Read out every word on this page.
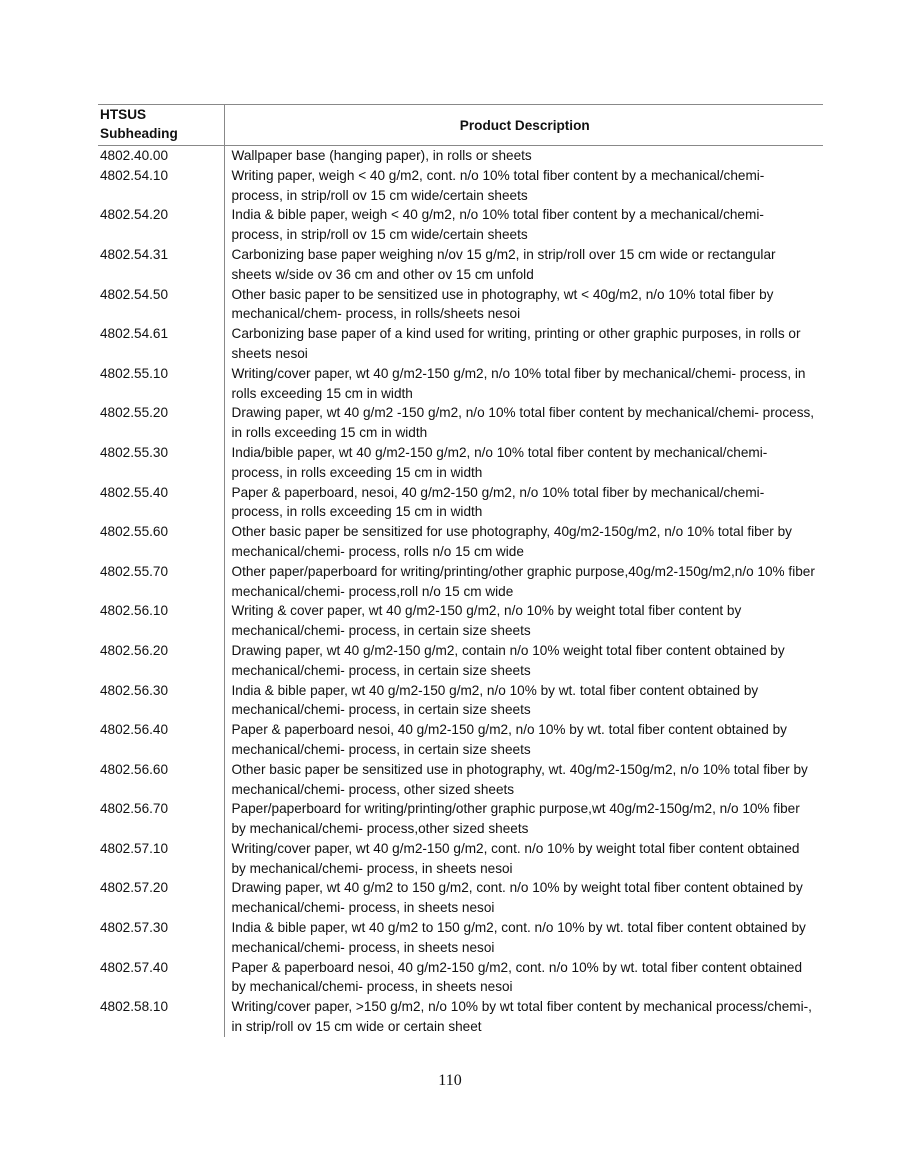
HTSUS Subheading	Product Description
4802.40.00	Wallpaper base (hanging paper), in rolls or sheets
4802.54.10	Writing paper, weigh < 40 g/m2, cont. n/o 10% total fiber content by a mechanical/chemi- process, in strip/roll ov 15 cm wide/certain sheets
4802.54.20	India & bible paper, weigh < 40 g/m2, n/o 10% total fiber content by a mechanical/chemi- process, in strip/roll ov 15 cm wide/certain sheets
4802.54.31	Carbonizing base paper weighing n/ov 15 g/m2, in strip/roll over 15 cm wide or rectangular sheets w/side ov 36 cm and other ov 15 cm unfold
4802.54.50	Other basic paper to be sensitized use in photography, wt < 40g/m2, n/o 10% total fiber by mechanical/chem- process, in rolls/sheets nesoi
4802.54.61	Carbonizing base paper of a kind used for writing, printing or other graphic purposes, in rolls or sheets nesoi
4802.55.10	Writing/cover paper, wt 40 g/m2-150 g/m2, n/o 10% total fiber by mechanical/chemi- process, in rolls exceeding 15 cm in width
4802.55.20	Drawing paper, wt 40 g/m2 -150 g/m2, n/o 10% total fiber content by mechanical/chemi- process, in rolls exceeding 15 cm in width
4802.55.30	India/bible paper, wt 40 g/m2-150 g/m2, n/o 10% total fiber content by mechanical/chemi- process, in rolls exceeding 15 cm in width
4802.55.40	Paper & paperboard, nesoi, 40 g/m2-150 g/m2, n/o 10% total fiber by mechanical/chemi- process, in rolls exceeding 15 cm in width
4802.55.60	Other basic paper be sensitized for use photography, 40g/m2-150g/m2, n/o 10% total fiber by mechanical/chemi- process, rolls n/o 15 cm wide
4802.55.70	Other paper/paperboard for writing/printing/other graphic purpose,40g/m2-150g/m2,n/o 10% fiber mechanical/chemi- process,roll n/o 15 cm wide
4802.56.10	Writing & cover paper, wt 40 g/m2-150 g/m2, n/o 10% by weight total fiber content by mechanical/chemi- process, in certain size sheets
4802.56.20	Drawing paper, wt 40 g/m2-150 g/m2, contain n/o 10% weight total fiber content obtained by mechanical/chemi- process, in certain size sheets
4802.56.30	India & bible paper, wt 40 g/m2-150 g/m2, n/o 10% by wt. total fiber content obtained by mechanical/chemi- process, in certain size sheets
4802.56.40	Paper & paperboard nesoi, 40 g/m2-150 g/m2, n/o 10% by wt. total fiber content obtained by mechanical/chemi- process, in certain size sheets
4802.56.60	Other basic paper be sensitized use in photography, wt. 40g/m2-150g/m2, n/o 10% total fiber by mechanical/chemi- process, other sized sheets
4802.56.70	Paper/paperboard for writing/printing/other graphic purpose,wt 40g/m2-150g/m2, n/o 10% fiber by mechanical/chemi- process,other sized sheets
4802.57.10	Writing/cover paper, wt 40 g/m2-150 g/m2, cont. n/o 10% by weight total fiber content obtained by mechanical/chemi- process, in sheets nesoi
4802.57.20	Drawing paper, wt 40 g/m2 to 150 g/m2, cont. n/o 10% by weight total fiber content obtained by mechanical/chemi- process, in sheets nesoi
4802.57.30	India & bible paper, wt 40 g/m2 to 150 g/m2, cont. n/o 10% by wt. total fiber content obtained by mechanical/chemi- process, in sheets nesoi
4802.57.40	Paper & paperboard nesoi, 40 g/m2-150 g/m2, cont. n/o 10% by wt. total fiber content obtained by mechanical/chemi- process, in sheets nesoi
4802.58.10	Writing/cover paper, >150 g/m2, n/o 10% by wt total fiber content by mechanical process/chemi-, in strip/roll ov 15 cm wide or certain sheet
110
